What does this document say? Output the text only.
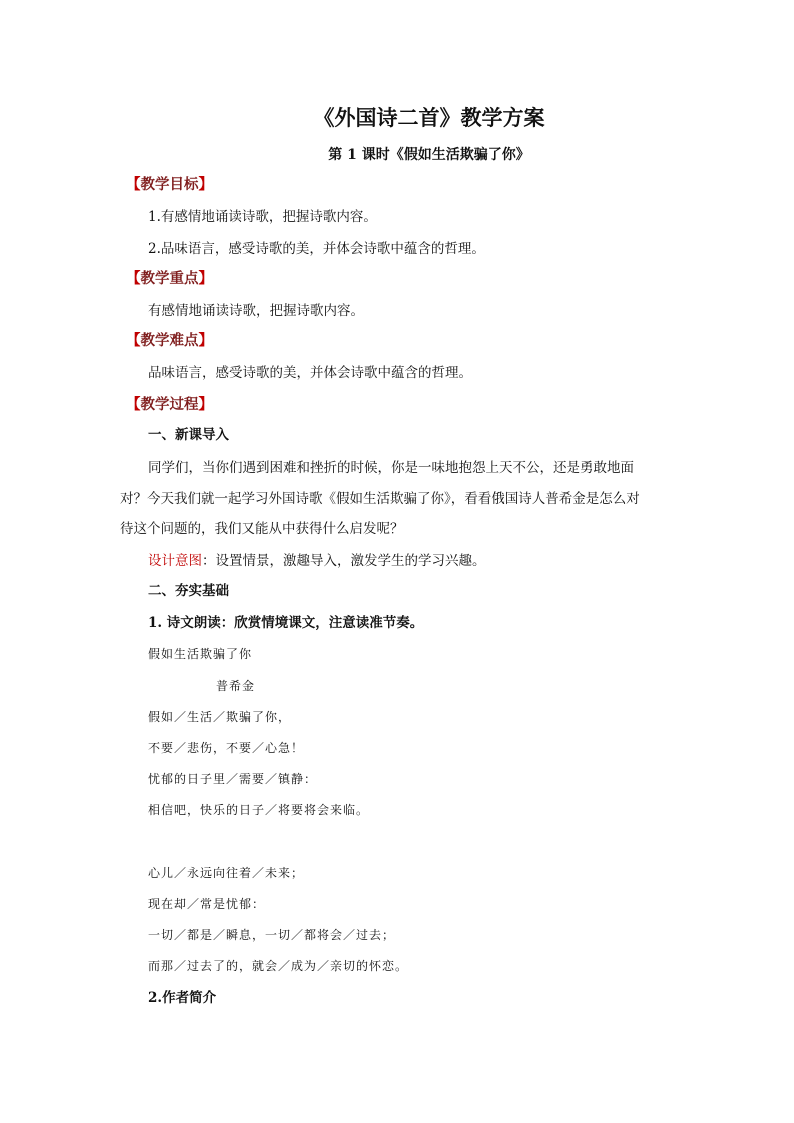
《外国诗二首》教学方案
第 1 课时《假如生活欺骗了你》
【教学目标】
1.有感情地诵读诗歌，把握诗歌内容。
2.品味语言，感受诗歌的美，并体会诗歌中蕴含的哲理。
【教学重点】
有感情地诵读诗歌，把握诗歌内容。
【教学难点】
品味语言，感受诗歌的美，并体会诗歌中蕴含的哲理。
【教学过程】
一、新课导入
同学们，当你们遇到困难和挫折的时候，你是一味地抱怨上天不公，还是勇敢地面
对？今天我们就一起学习外国诗歌《假如生活欺骗了你》，看看俄国诗人普希金是怎么对
待这个问题的，我们又能从中获得什么启发呢？
设计意图：设置情景，激趣导入，激发学生的学习兴趣。
二、夯实基础
1. 诗文朗读：欣赏情境课文，注意读准节奏。
假如生活欺骗了你
普希金
假如／生活／欺骗了你，
不要／悲伤，不要／心急！
忧郁的日子里／需要／镇静：
相信吧，快乐的日子／将要将会来临。
心儿／永远向往着／未来；
现在却／常是忧郁：
一切／都是／瞬息，一切／都将会／过去；
而那／过去了的，就会／成为／亲切的怀恋。
2.作者简介
